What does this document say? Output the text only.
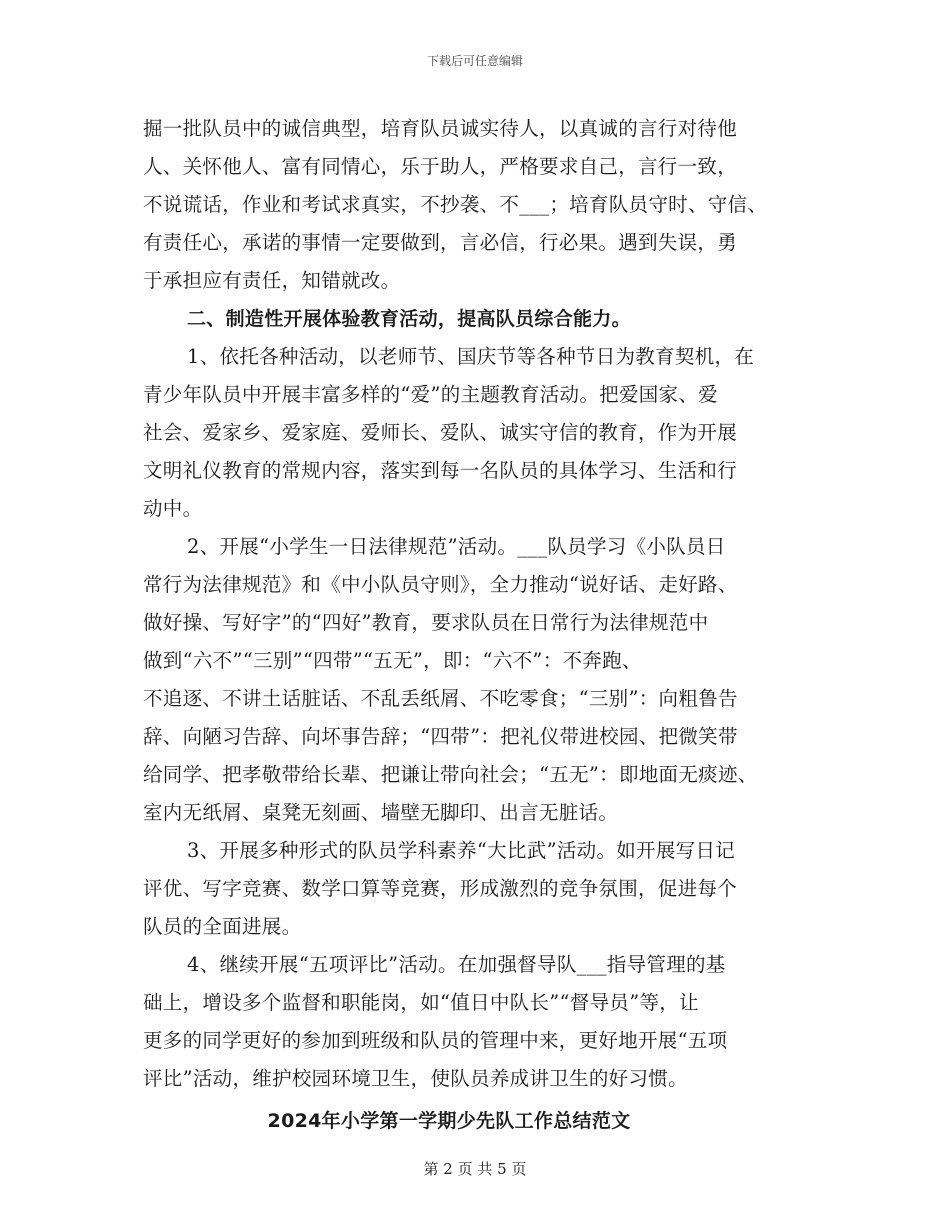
下载后可任意编辑
掘一批队员中的诚信典型，培育队员诚实待人，以真诚的言行对待他
人、关怀他人、富有同情心，乐于助人，严格要求自己，言行一致，
不说谎话，作业和考试求真实，不抄袭、不___；培育队员守时、守信、
有责任心，承诺的事情一定要做到，言必信，行必果。遇到失误，勇
于承担应有责任，知错就改。
二、制造性开展体验教育活动，提高队员综合能力。
1、依托各种活动，以老师节、国庆节等各种节日为教育契机，在
青少年队员中开展丰富多样的“爱”的主题教育活动。把爱国家、爱
社会、爱家乡、爱家庭、爱师长、爱队、诚实守信的教育，作为开展
文明礼仪教育的常规内容，落实到每一名队员的具体学习、生活和行
动中。
2、开展“小学生一日法律规范”活动。___队员学习《小队员日
常行为法律规范》和《中小队员守则》，全力推动“说好话、走好路、
做好操、写好字”的“四好”教育，要求队员在日常行为法律规范中
做到“六不”“三别”“四带”“五无”，即：“六不”：不奔跑、
不追逐、不讲土话脏话、不乱丢纸屑、不吃零食；“三别”：向粗鲁告
辞、向陋习告辞、向坏事告辞；“四带”：把礼仪带进校园、把微笑带
给同学、把孝敬带给长辈、把谦让带向社会；“五无”：即地面无痰迹、
室内无纸屑、桌凳无刻画、墙壁无脚印、出言无脏话。
3、开展多种形式的队员学科素养“大比武”活动。如开展写日记
评优、写字竞赛、数学口算等竞赛，形成激烈的竞争氛围，促进每个
队员的全面进展。
4、继续开展“五项评比”活动。在加强督导队___指导管理的基
础上，增设多个监督和职能岗，如“值日中队长”“督导员”等，让
更多的同学更好的参加到班级和队员的管理中来，更好地开展“五项
评比”活动，维护校园环境卫生，使队员养成讲卫生的好习惯。
2024年小学第一学期少先队工作总结范文
第 2 页 共 5 页
